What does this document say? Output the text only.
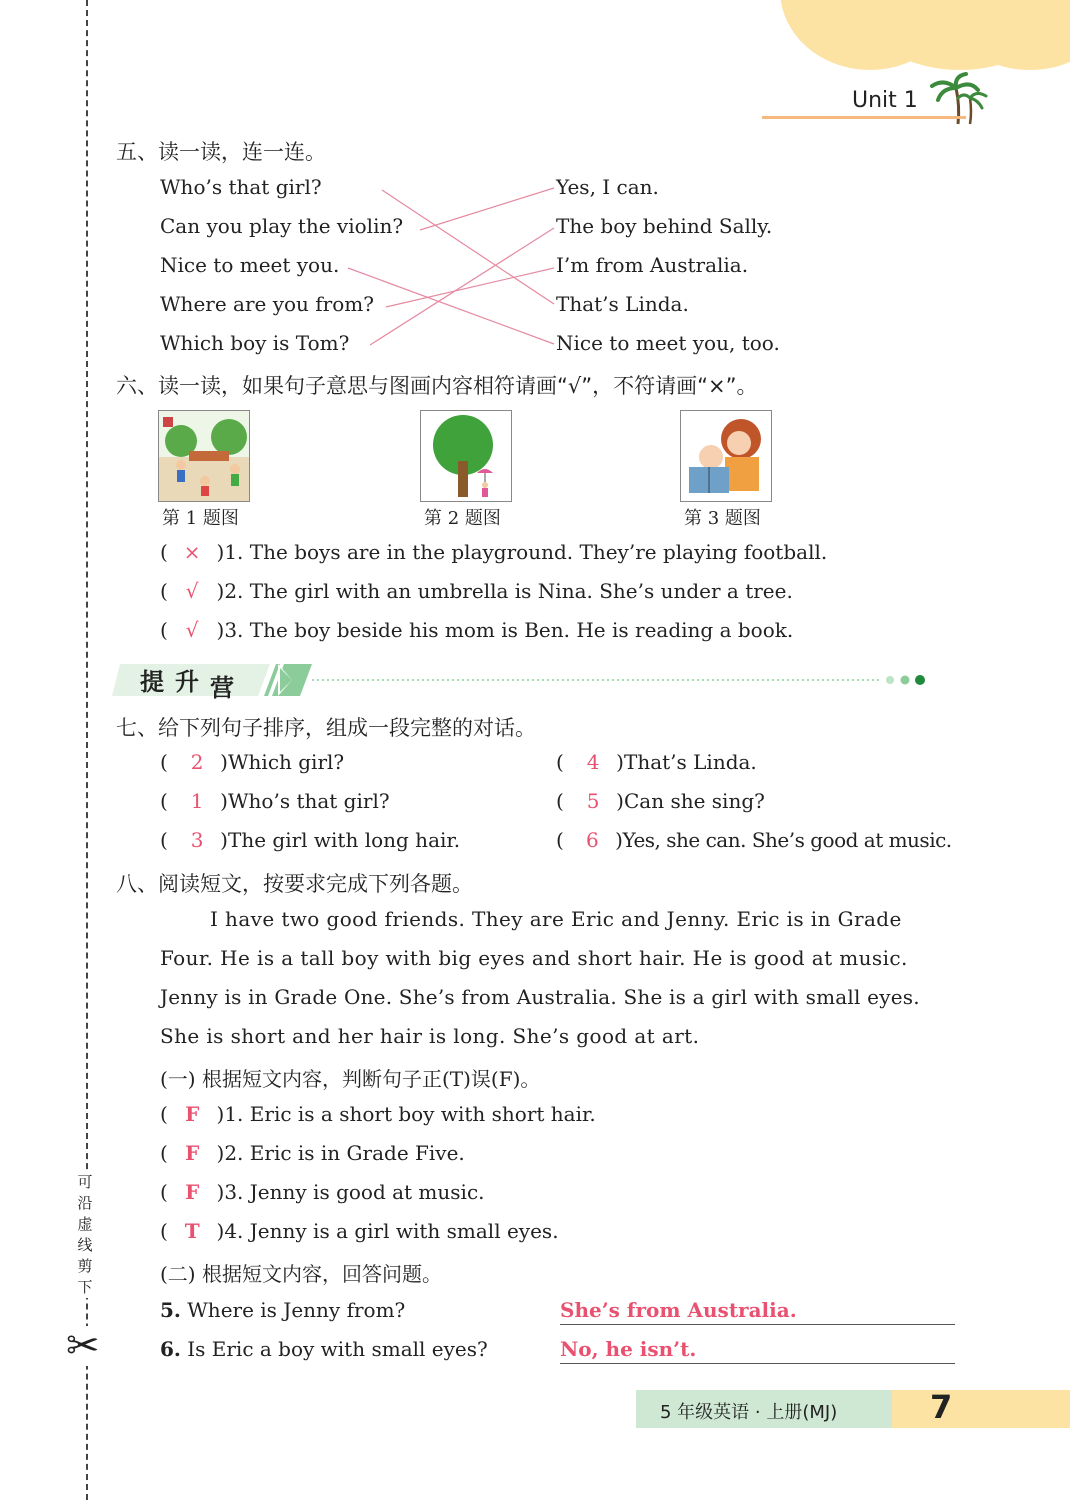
Unit 1
可沿虚线剪下
✂
五、读一读，连一连。
Who’s that girl?
Can you play the violin?
Nice to meet you.
Where are you from?
Which boy is Tom?
Yes, I can.
The boy behind Sally.
I’m from Australia.
That’s Linda.
Nice to meet you, too.
六、读一读，如果句子意思与图画内容相符请画“√”，不符请画“×”。
第 1 题图	第 2 题图	第 3 题图
( × )1. The boys are in the playground. They’re playing football.
( √ )2. The girl with an umbrella is Nina. She’s under a tree.
( √ )3. The boy beside his mom is Ben. He is reading a book.
提 升 营
七、给下列句子排序，组成一段完整的对话。
( 2 )Which girl?
( 1 )Who’s that girl?
( 3 )The girl with long hair.
( 4 )That’s Linda.
( 5 )Can she sing?
( 6 )Yes, she can. She’s good at music.
八、阅读短文，按要求完成下列各题。
I have two good friends. They are Eric and Jenny. Eric is in Grade
Four. He is a tall boy with big eyes and short hair. He is good at music.
Jenny is in Grade One. She’s from Australia. She is a girl with small eyes.
She is short and her hair is long. She’s good at art.
(一) 根据短文内容，判断句子正(T)误(F)。
( F )1. Eric is a short boy with short hair.
( F )2. Eric is in Grade Five.
( F )3. Jenny is good at music.
( T )4. Jenny is a girl with small eyes.
(二) 根据短文内容，回答问题。
5. Where is Jenny from?	She’s from Australia.
6. Is Eric a boy with small eyes?	No, he isn’t.
5 年级英语 · 上册(MJ)	7
